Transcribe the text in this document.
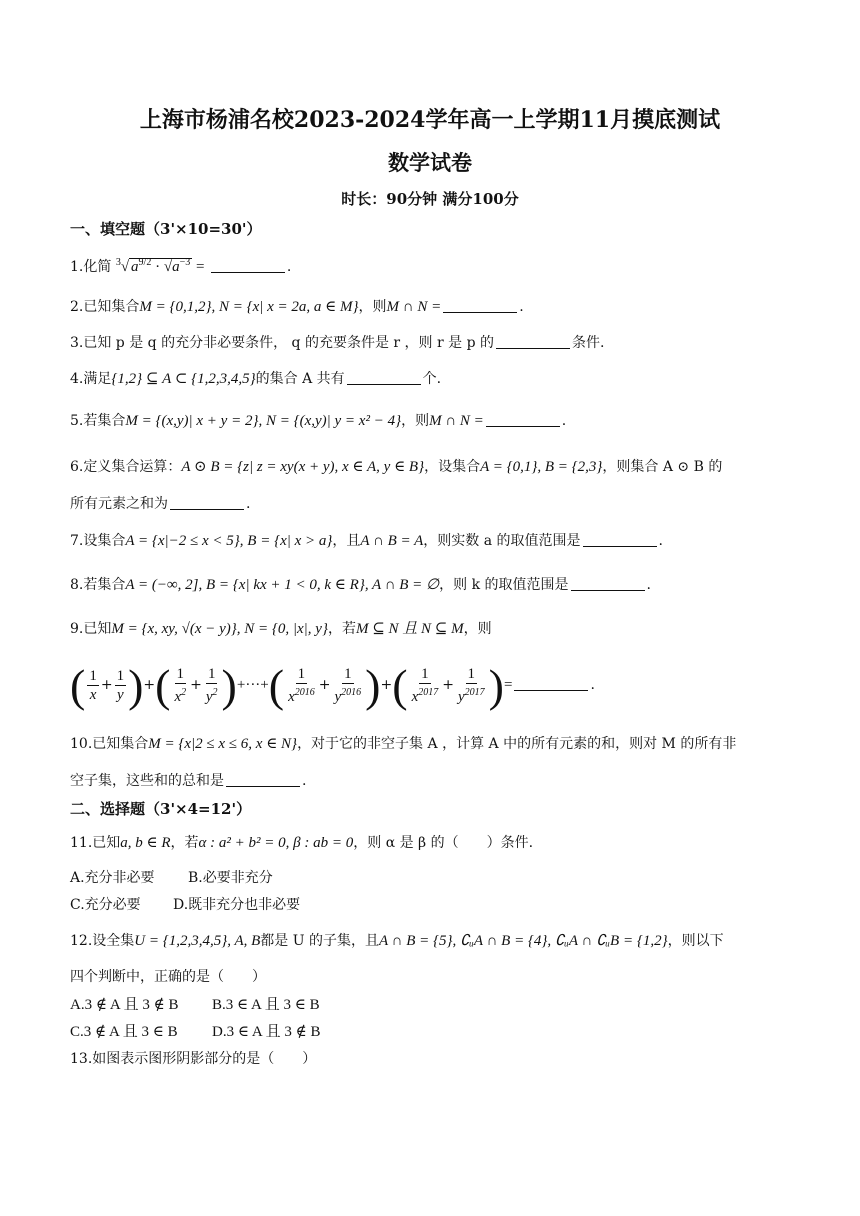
上海市杨浦名校2023-2024学年高一上学期11月摸底测试
数学试卷
时长：90分钟 满分100分
一、填空题（3'×10=30'）
1.化简 $^3$√ $a^{9/2} \cdot √a^{-3}$ =	.
2.已知集合M = {0,1,2}, N = {x| x = 2a, a ∈ M}，则M ∩ N =	.
3.已知 p 是 q 的充分非必要条件， q 的充要条件是 r ，则 r 是 p 的	条件.
4.满足{1,2} ⊆ A ⊂ {1,2,3,4,5}的集合 A 共有	个.
5.若集合M = {(x,y)| x + y = 2}, N = {(x,y)| y = x² − 4}，则M ∩ N =	.
6.定义集合运算：A ⊙ B = {z| z = xy(x + y), x ∈ A, y ∈ B}，设集合A = {0,1}, B = {2,3}，则集合 A ⊙ B 的
所有元素之和为	.
7.设集合A = {x|−2 ≤ x < 5}, B = {x| x > a}，且A ∩ B = A，则实数 a 的取值范围是	.
8.若集合A = (−∞, 2], B = {x| kx + 1 < 0, k ∈ R}, A ∩ B = ∅，则 k 的取值范围是	.
9.已知M = {x, xy, √(x − y)}, N = {0, |x|, y}，若M ⊆ N 且 N ⊆ M，则
( $\frac{1}{x} + \frac{1}{y}$ )+( $\frac{1}{x^2} + \frac{1}{y^2}$ )+···+( $\frac{1}{x^{2016}} + \frac{1}{y^{2016}}$ )+( $\frac{1}{x^{2017}} + \frac{1}{y^{2017}}$ )=	.
10.已知集合M = {x|2 ≤ x ≤ 6, x ∈ N}，对于它的非空子集 A ，计算 A 中的所有元素的和，则对 M 的所有非
空子集，这些和的总和是	.
二、选择题（3'×4=12'）
11.已知a, b ∈ R，若α : a² + b² = 0, β : ab = 0，则 α 是 β 的（　　）条件.
A.充分非必要 B.必要非充分
C.充分必要 D.既非充分也非必要
12.设全集U = {1,2,3,4,5}, A, B都是 U 的子集，且A ∩ B = {5}, ∁ᵤA ∩ B = {4}, ∁ᵤA ∩ ∁ᵤB = {1,2}，则以下
四个判断中，正确的是（　　）
A.3 ∉ A 且 3 ∉ B B.3 ∈ A 且 3 ∈ B
C.3 ∉ A 且 3 ∈ B D.3 ∈ A 且 3 ∉ B
13.如图表示图形阴影部分的是（　　）
